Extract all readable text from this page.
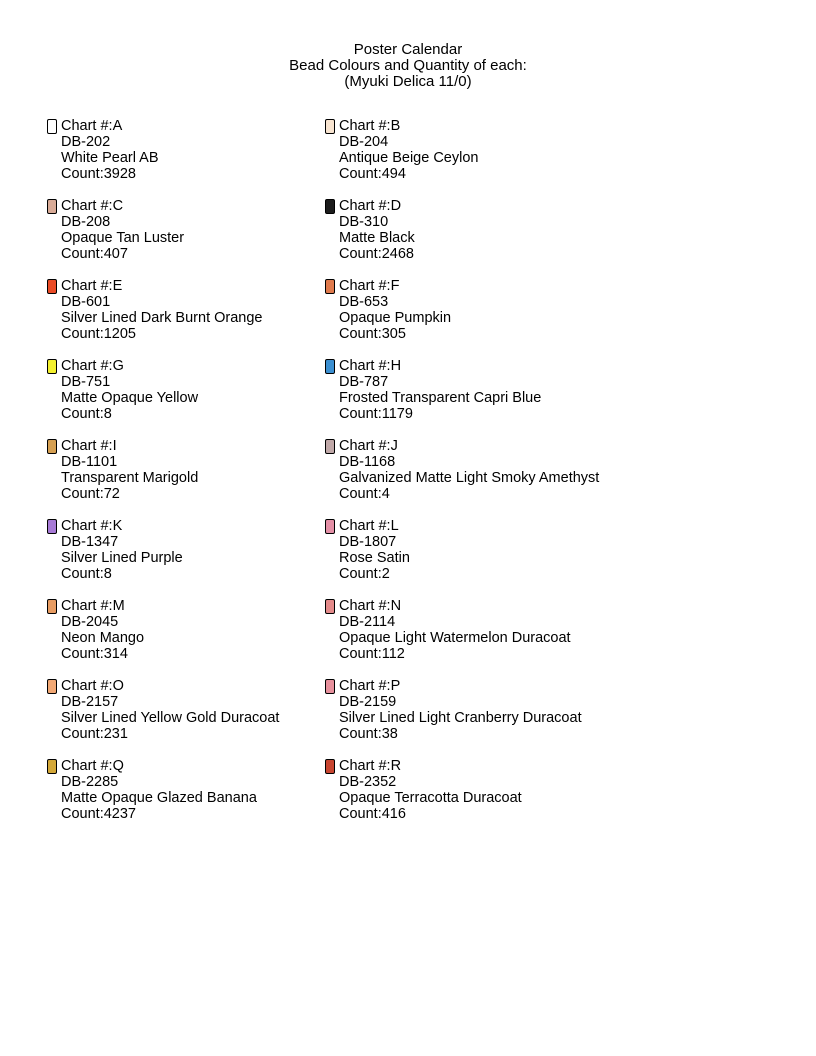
Poster Calendar
Bead Colours and Quantity of each:
(Myuki Delica 11/0)
Chart #:A
DB-202
White Pearl AB
Count:3928
Chart #:B
DB-204
Antique Beige Ceylon
Count:494
Chart #:C
DB-208
Opaque Tan Luster
Count:407
Chart #:D
DB-310
Matte Black
Count:2468
Chart #:E
DB-601
Silver Lined Dark Burnt Orange
Count:1205
Chart #:F
DB-653
Opaque Pumpkin
Count:305
Chart #:G
DB-751
Matte Opaque Yellow
Count:8
Chart #:H
DB-787
Frosted Transparent Capri Blue
Count:1179
Chart #:I
DB-1101
Transparent Marigold
Count:72
Chart #:J
DB-1168
Galvanized Matte Light Smoky Amethyst
Count:4
Chart #:K
DB-1347
Silver Lined Purple
Count:8
Chart #:L
DB-1807
Rose Satin
Count:2
Chart #:M
DB-2045
Neon Mango
Count:314
Chart #:N
DB-2114
Opaque Light Watermelon Duracoat
Count:112
Chart #:O
DB-2157
Silver Lined Yellow Gold Duracoat
Count:231
Chart #:P
DB-2159
Silver Lined Light Cranberry Duracoat
Count:38
Chart #:Q
DB-2285
Matte Opaque Glazed Banana
Count:4237
Chart #:R
DB-2352
Opaque Terracotta Duracoat
Count:416
